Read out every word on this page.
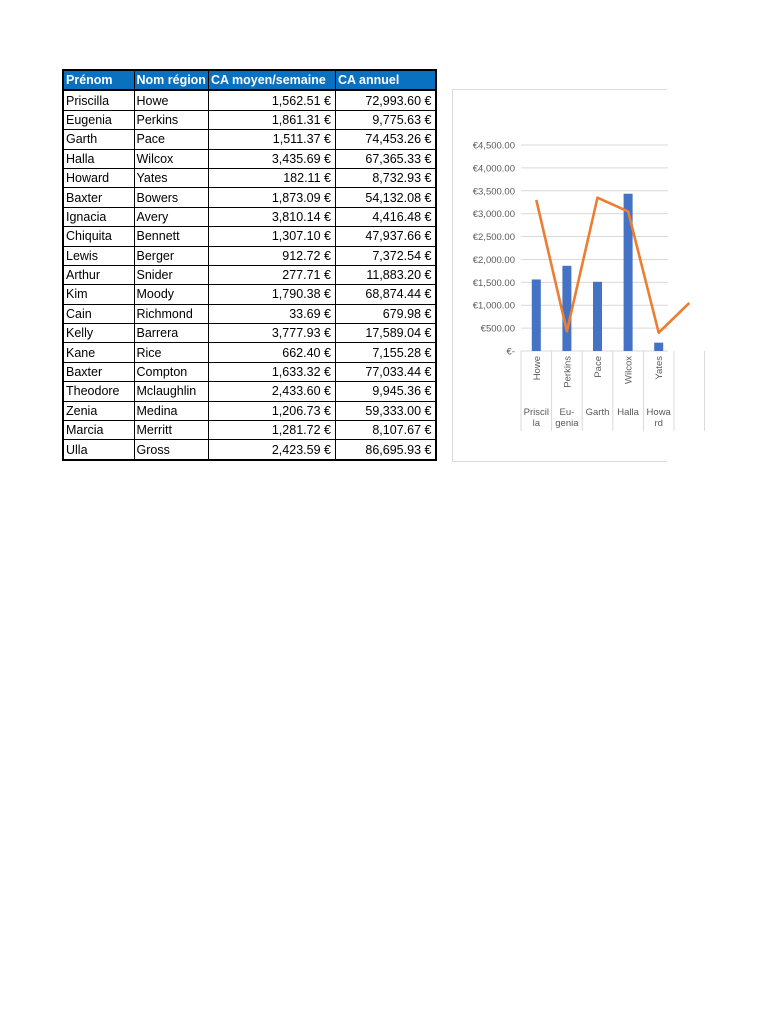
Prénom	Nom région	CA moyen/semaine	CA annuel
Priscilla	Howe	1,562.51 €	72,993.60 €
Eugenia	Perkins	1,861.31 €	9,775.63 €
Garth	Pace	1,511.37 €	74,453.26 €
Halla	Wilcox	3,435.69 €	67,365.33 €
Howard	Yates	182.11 €	8,732.93 €
Baxter	Bowers	1,873.09 €	54,132.08 €
Ignacia	Avery	3,810.14 €	4,416.48 €
Chiquita	Bennett	1,307.10 €	47,937.66 €
Lewis	Berger	912.72 €	7,372.54 €
Arthur	Snider	277.71 €	11,883.20 €
Kim	Moody	1,790.38 €	68,874.44 €
Cain	Richmond	33.69 €	679.98 €
Kelly	Barrera	3,777.93 €	17,589.04 €
Kane	Rice	662.40 €	7,155.28 €
Baxter	Compton	1,633.32 €	77,033.44 €
Theodore	Mclaughlin	2,433.60 €	9,945.36 €
Zenia	Medina	1,206.73 €	59,333.00 €
Marcia	Merritt	1,281.72 €	8,107.67 €
Ulla	Gross	2,423.59 €	86,695.93 €
€-
€500.00
€1,000.00
€1,500.00
€2,000.00
€2,500.00
€3,000.00
€3,500.00
€4,000.00
€4,500.00
Howe Perkins Pace Wilcox Yates
Priscil
la
Eu-
genia
Garth Halla Howa
rd
